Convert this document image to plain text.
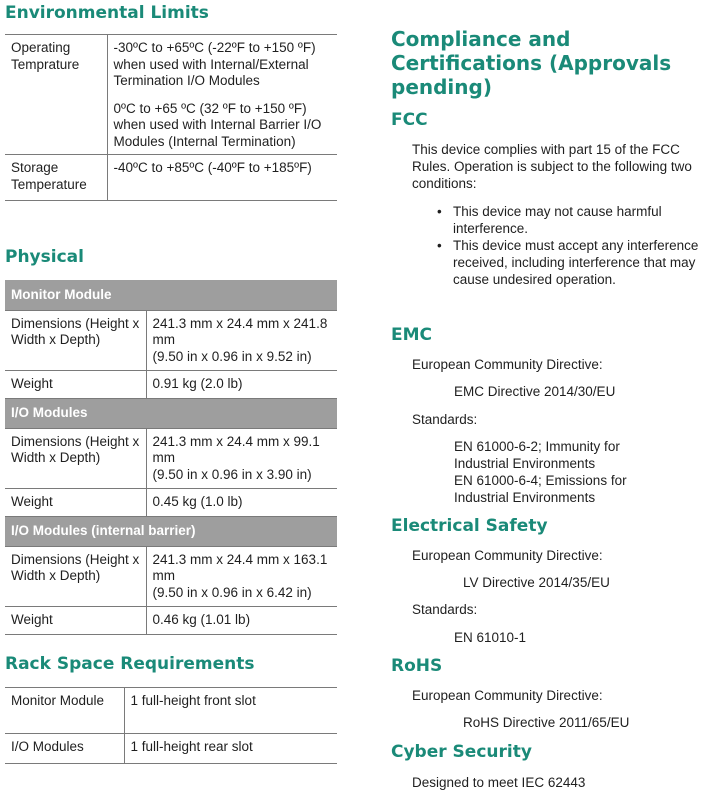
Environmental Limits
Operating Temprature	-30ºC to +65ºC (-22ºF to +150 ºF) when used with Internal/External Termination I/O Modules
0ºC to +65 ºC (32 ºF to +150 ºF) when used with Internal Barrier I/O Modules (Internal Termination)

Storage Temperature	-40ºC to +85ºC (-40ºF to +185ºF)
Physical
Monitor Module	
Dimensions (Height x Width x Depth)	241.3 mm x 24.4 mm x 241.8 mm
(9.50 in x 0.96 in x 9.52 in)

Weight	0.91 kg (2.0 lb)
I/O Modules	
Dimensions (Height x Width x Depth)	241.3 mm x 24.4 mm x 99.1 mm
(9.50 in x 0.96 in x 3.90 in)

Weight	0.45 kg (1.0 lb)
I/O Modules (internal barrier)	
Dimensions (Height x Width x Depth)	241.3 mm x 24.4 mm x 163.1 mm
(9.50 in x 0.96 in x 6.42 in)

Weight	0.46 kg (1.01 lb)
Rack Space Requirements
Monitor Module	1 full-height front slot
I/O Modules	1 full-height rear slot
Compliance and Certifications (Approvals pending)
FCC
This device complies with part 15 of the FCC Rules. Operation is subject to the following two conditions:
• This device may not cause harmful interference.
• This device must accept any interference received, including interference that may cause undesired operation.
EMC
European Community Directive:
EMC Directive 2014/30/EU
Standards:
EN 61000-6-2; Immunity for Industrial Environments
EN 61000-6-4; Emissions for Industrial Environments
Electrical Safety
European Community Directive:
LV Directive 2014/35/EU
Standards:
EN 61010-1
RoHS
European Community Directive:
RoHS Directive 2011/65/EU
Cyber Security
Designed to meet IEC 62443
